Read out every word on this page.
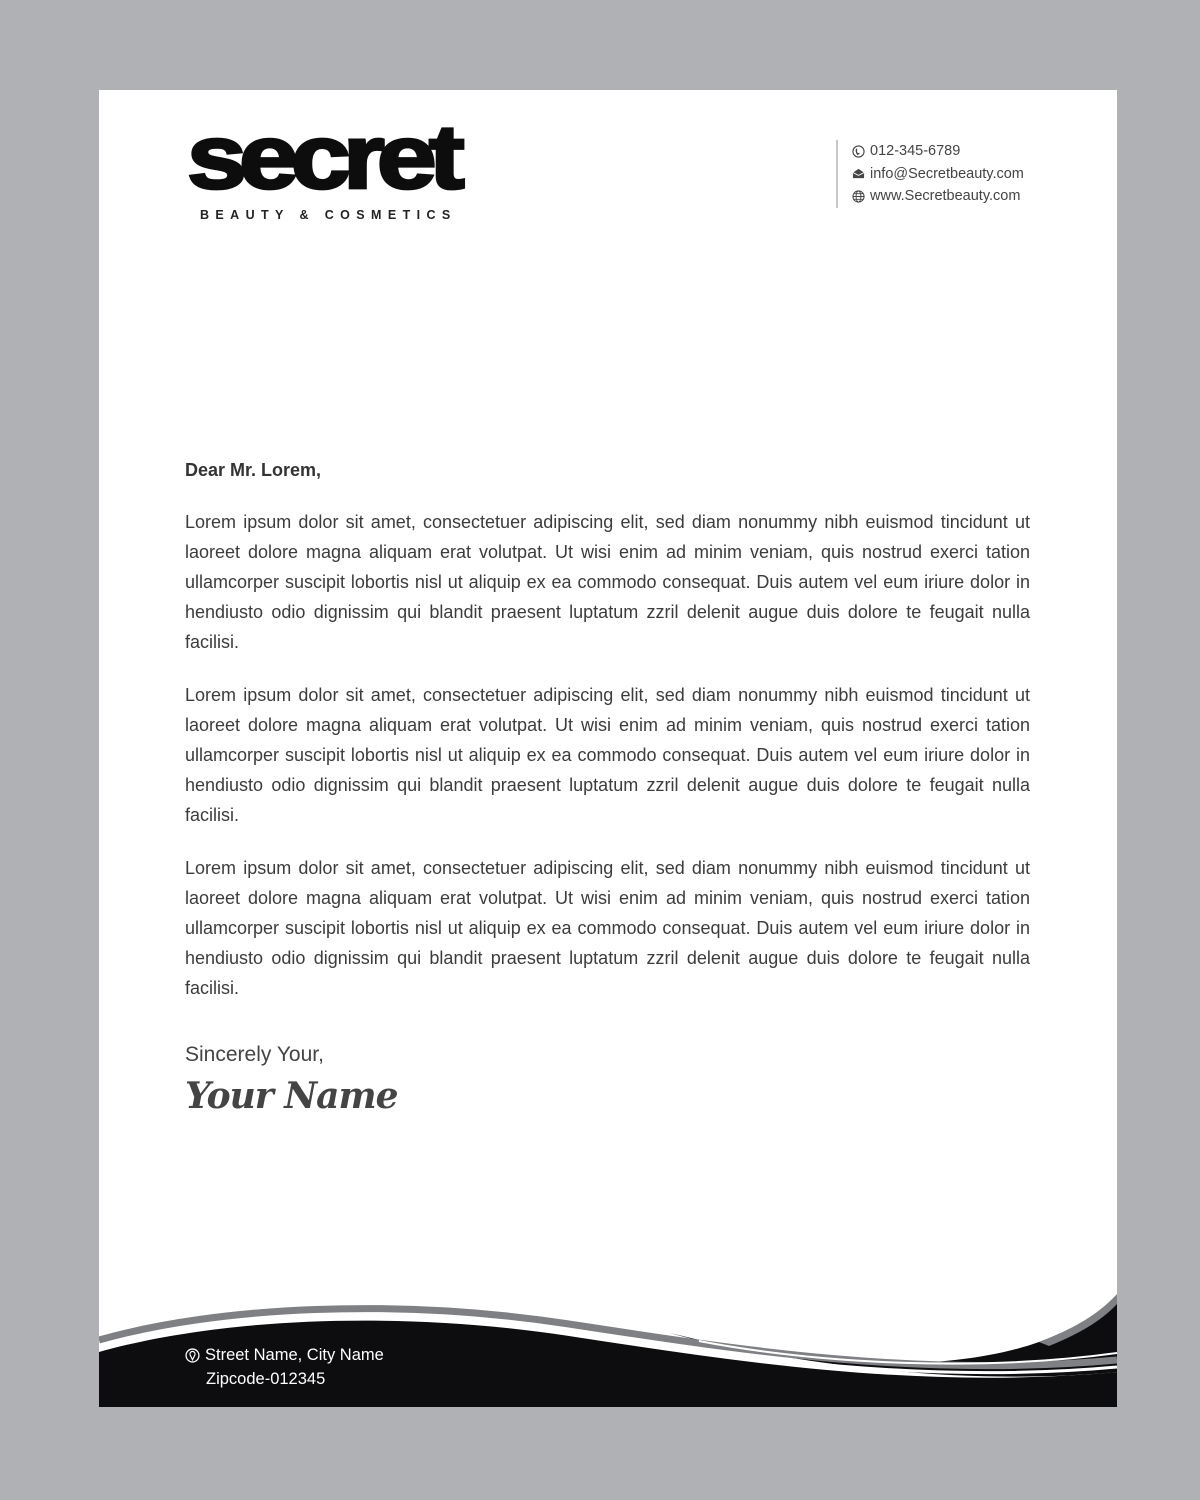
secret
BEAUTY & COSMETICS
012-345-6789
info@Secretbeauty.com
www.Secretbeauty.com

Dear Mr. Lorem,

Lorem ipsum dolor sit amet, consectetuer adipiscing elit, sed diam nonummy nibh euismod tincidunt ut laoreet dolore magna aliquam erat volutpat. Ut wisi enim ad minim veniam, quis nostrud exerci tation ullamcorper suscipit lobortis nisl ut aliquip ex ea commodo consequat. Duis autem vel eum iriure dolor in hendiusto odio dignissim qui blandit praesent luptatum zzril delenit augue duis dolore te feugait nulla facilisi.

Lorem ipsum dolor sit amet, consectetuer adipiscing elit, sed diam nonummy nibh euismod tincidunt ut laoreet dolore magna aliquam erat volutpat. Ut wisi enim ad minim veniam, quis nostrud exerci tation ullamcorper suscipit lobortis nisl ut aliquip ex ea commodo consequat. Duis autem vel eum iriure dolor in hendiusto odio dignissim qui blandit praesent luptatum zzril delenit augue duis dolore te feugait nulla facilisi.

Lorem ipsum dolor sit amet, consectetuer adipiscing elit, sed diam nonummy nibh euismod tincidunt ut laoreet dolore magna aliquam erat volutpat. Ut wisi enim ad minim veniam, quis nostrud exerci tation ullamcorper suscipit lobortis nisl ut aliquip ex ea commodo consequat. Duis autem vel eum iriure dolor in hendiusto odio dignissim qui blandit praesent luptatum zzril delenit augue duis dolore te feugait nulla facilisi.

Sincerely Your,
Your Name
Street Name, City Name
Zipcode-012345
